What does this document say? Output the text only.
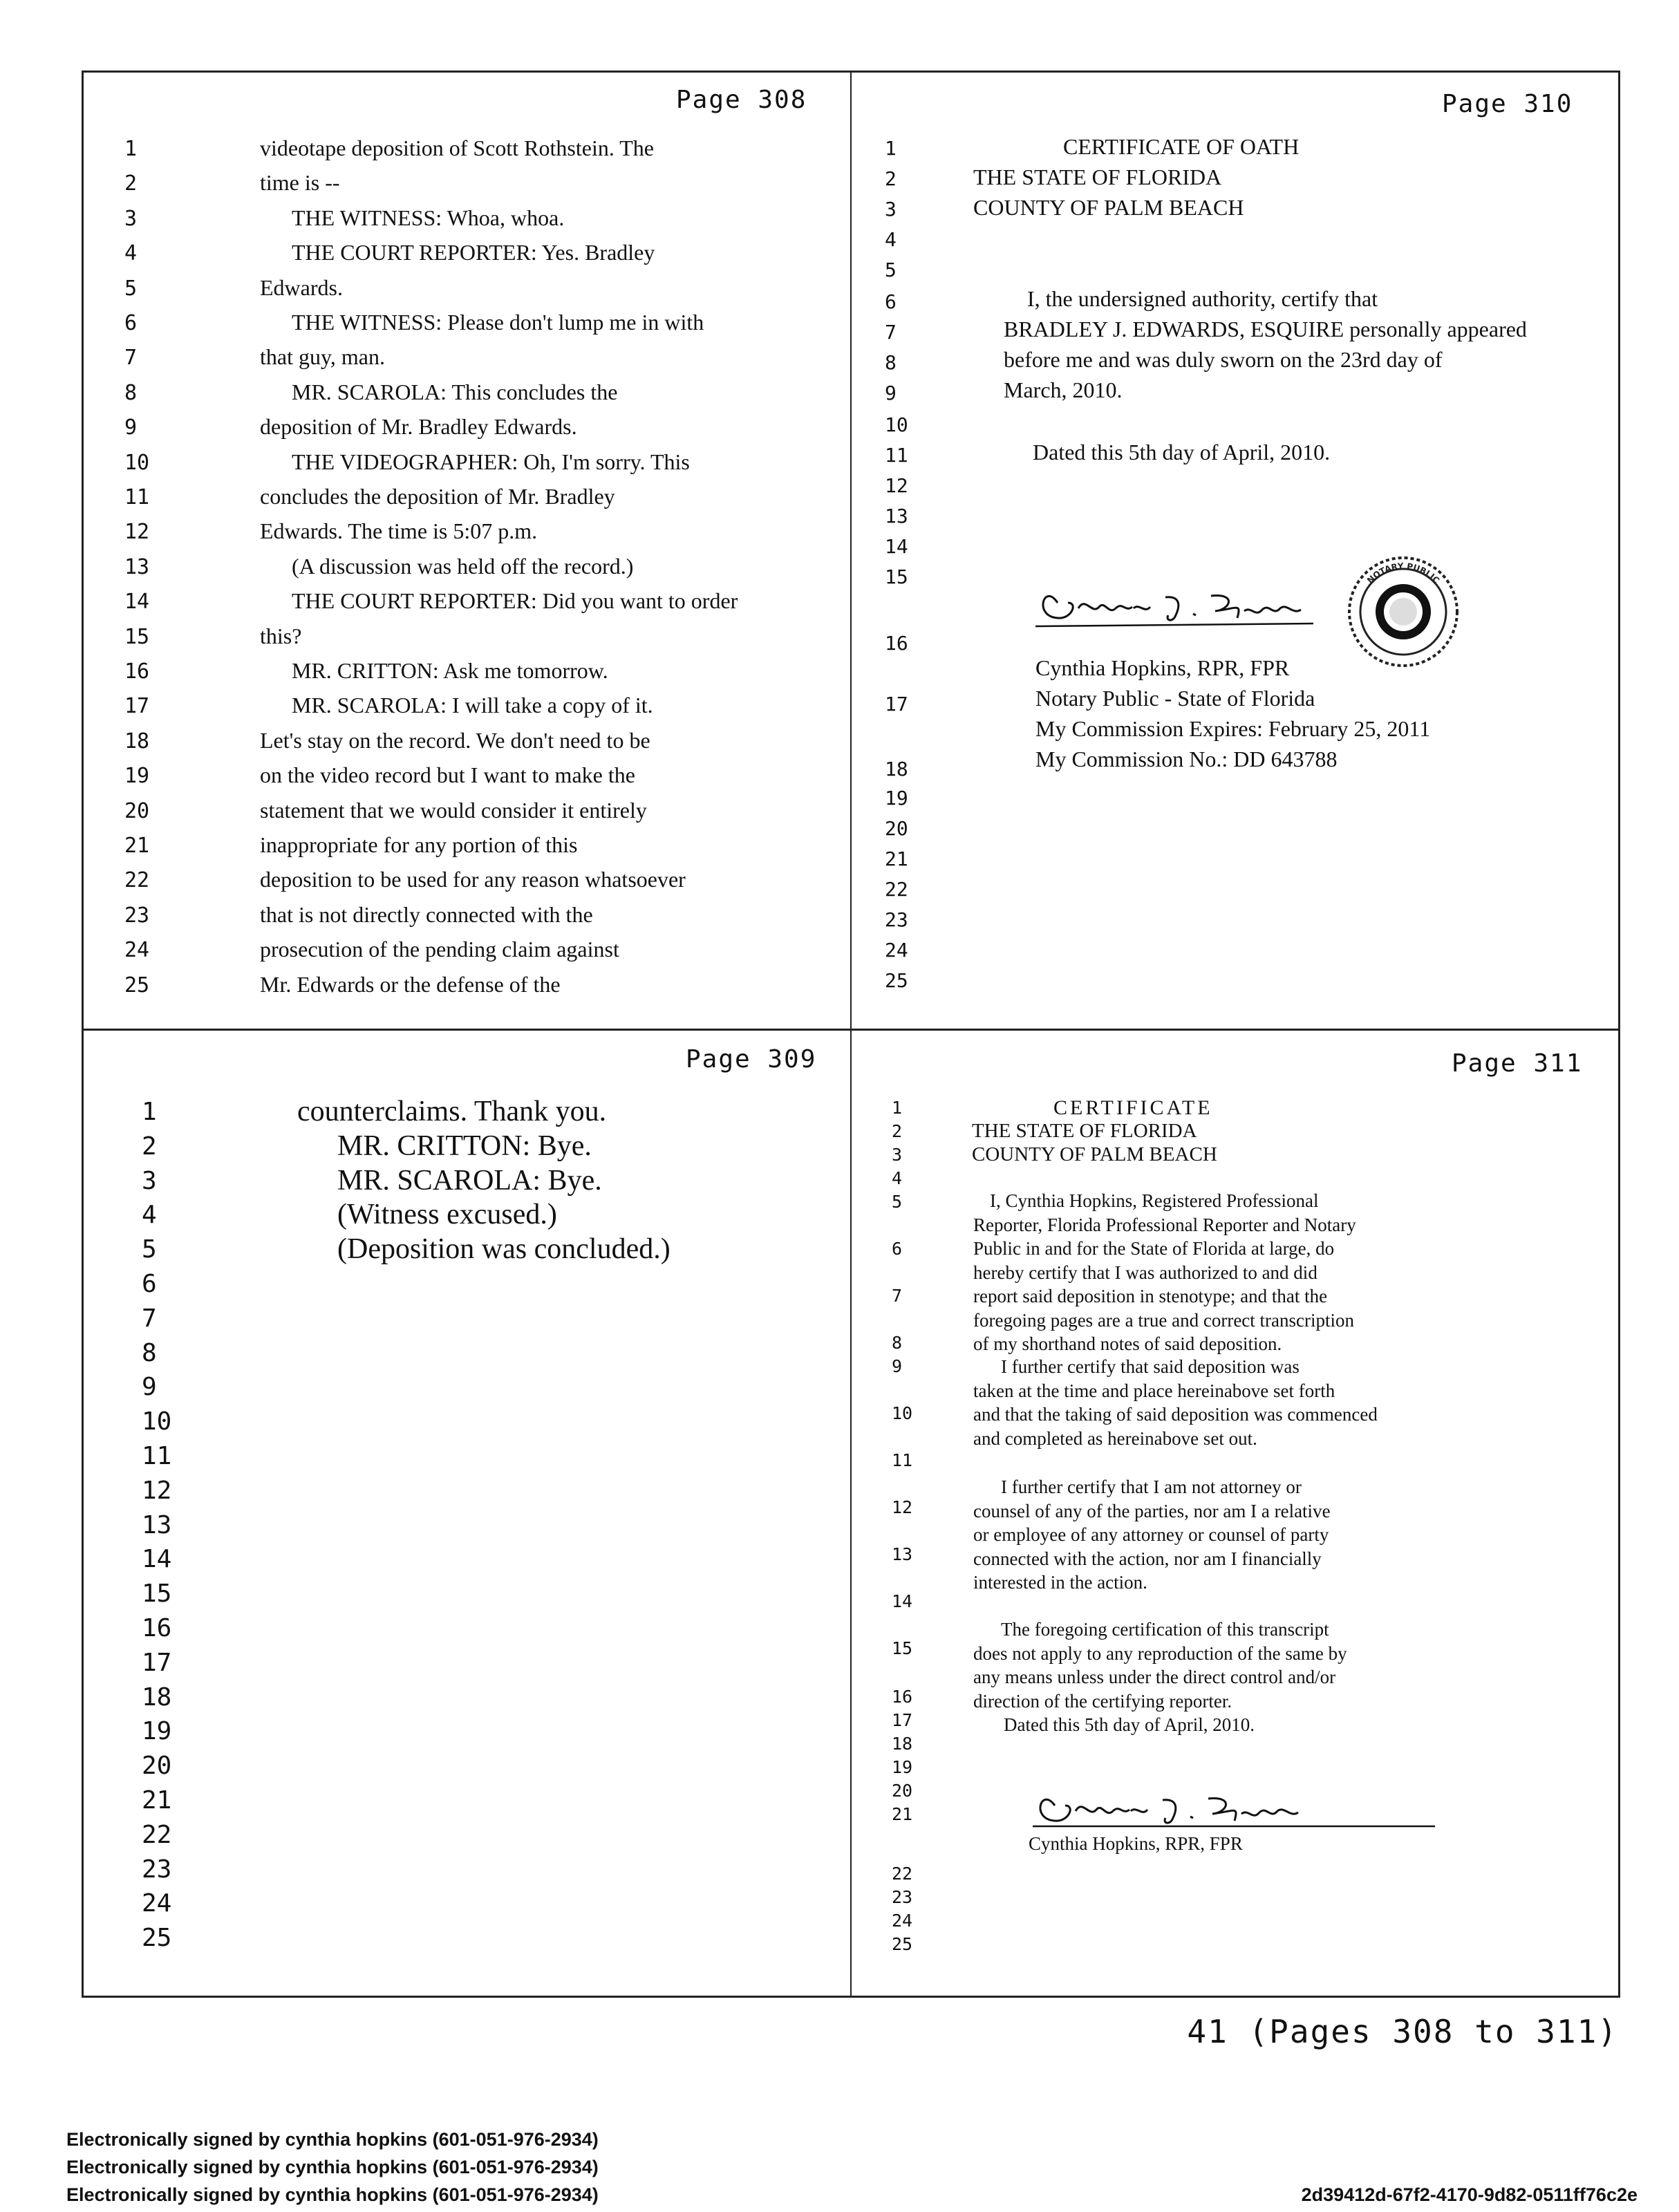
Page 308
1
2
3
4
5
6
7
8
9
10
11
12
13
14
15
16
17
18
19
20
21
22
23
24
25
videotape deposition of Scott Rothstein. The
time is --
THE WITNESS: Whoa, whoa.
THE COURT REPORTER: Yes. Bradley
Edwards.
THE WITNESS: Please don't lump me in with
that guy, man.
MR. SCAROLA: This concludes the
deposition of Mr. Bradley Edwards.
THE VIDEOGRAPHER: Oh, I'm sorry. This
concludes the deposition of Mr. Bradley
Edwards. The time is 5:07 p.m.
(A discussion was held off the record.)
THE COURT REPORTER: Did you want to order
this?
MR. CRITTON: Ask me tomorrow.
MR. SCAROLA: I will take a copy of it.
Let's stay on the record. We don't need to be
on the video record but I want to make the
statement that we would consider it entirely
inappropriate for any portion of this
deposition to be used for any reason whatsoever
that is not directly connected with the
prosecution of the pending claim against
Mr. Edwards or the defense of the
Page 309
1
2
3
4
5
6
7
8
9
10
11
12
13
14
15
16
17
18
19
20
21
22
23
24
25
counterclaims. Thank you.
MR. CRITTON: Bye.
MR. SCAROLA: Bye.
(Witness excused.)
(Deposition was concluded.)
Page 310
1
2
3
4
5
6
7
8
9
10
11
12
13
14
15
16
17
18
19
20
21
22
23
24
25
CERTIFICATE OF OATH
THE STATE OF FLORIDA
COUNTY OF PALM BEACH
I, the undersigned authority, certify that
BRADLEY J. EDWARDS, ESQUIRE personally appeared
before me and was duly sworn on the 23rd day of
March, 2010.
Dated this 5th day of April, 2010.
Cynthia Hopkins, RPR, FPR
Notary Public - State of Florida
My Commission Expires: February 25, 2011
My Commission No.: DD 643788
NOTARY PUBLIC
Page 311
1
2
3
4
5
6
7
8
9
10
11
12
13
14
15
16
17
18
19
20
21
22
23
24
25
CERTIFICATE
THE STATE OF FLORIDA
COUNTY OF PALM BEACH
I, Cynthia Hopkins, Registered Professional
Reporter, Florida Professional Reporter and Notary
Public in and for the State of Florida at large, do
hereby certify that I was authorized to and did
report said deposition in stenotype; and that the
foregoing pages are a true and correct transcription
of my shorthand notes of said deposition.
I further certify that said deposition was
taken at the time and place hereinabove set forth
and that the taking of said deposition was commenced
and completed as hereinabove set out.
I further certify that I am not attorney or
counsel of any of the parties, nor am I a relative
or employee of any attorney or counsel of party
connected with the action, nor am I financially
interested in the action.
The foregoing certification of this transcript
does not apply to any reproduction of the same by
any means unless under the direct control and/or
direction of the certifying reporter.
Dated this 5th day of April, 2010.
Cynthia Hopkins, RPR, FPR
41 (Pages 308 to 311)
Electronically signed by cynthia hopkins (601-051-976-2934)
Electronically signed by cynthia hopkins (601-051-976-2934)
Electronically signed by cynthia hopkins (601-051-976-2934)	2d39412d-67f2-4170-9d82-0511ff76c2e
